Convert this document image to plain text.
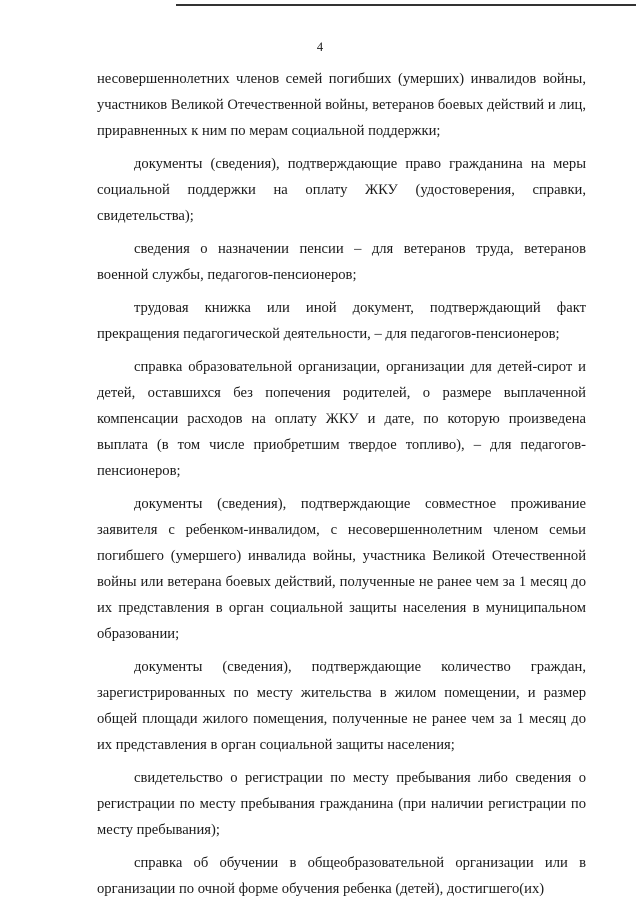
4

несовершеннолетних членов семей погибших (умерших) инвалидов войны, участников Великой Отечественной войны, ветеранов боевых действий и лиц, приравненных к ним по мерам социальной поддержки;

документы (сведения), подтверждающие право гражданина на меры социальной поддержки на оплату ЖКУ (удостоверения, справки, свидетельства);

сведения о назначении пенсии – для ветеранов труда, ветеранов военной службы, педагогов-пенсионеров;

трудовая книжка или иной документ, подтверждающий факт прекращения педагогической деятельности, – для педагогов-пенсионеров;

справка образовательной организации, организации для детей-сирот и детей, оставшихся без попечения родителей, о размере выплаченной компенсации расходов на оплату ЖКУ и дате, по которую произведена выплата (в том числе приобретшим твердое топливо), – для педагогов-пенсионеров;

документы (сведения), подтверждающие совместное проживание заявителя с ребенком-инвалидом, с несовершеннолетним членом семьи погибшего (умершего) инвалида войны, участника Великой Отечественной войны или ветерана боевых действий, полученные не ранее чем за 1 месяц до их представления в орган социальной защиты населения в муниципальном образовании;

документы (сведения), подтверждающие количество граждан, зарегистрированных по месту жительства в жилом помещении, и размер общей площади жилого помещения, полученные не ранее чем за 1 месяц до их представления в орган социальной защиты населения;

свидетельство о регистрации по месту пребывания либо сведения о регистрации по месту пребывания гражданина (при наличии регистрации по месту пребывания);

справка об обучении в общеобразовательной организации или в организации по очной форме обучения ребенка (детей), достигшего(их)
